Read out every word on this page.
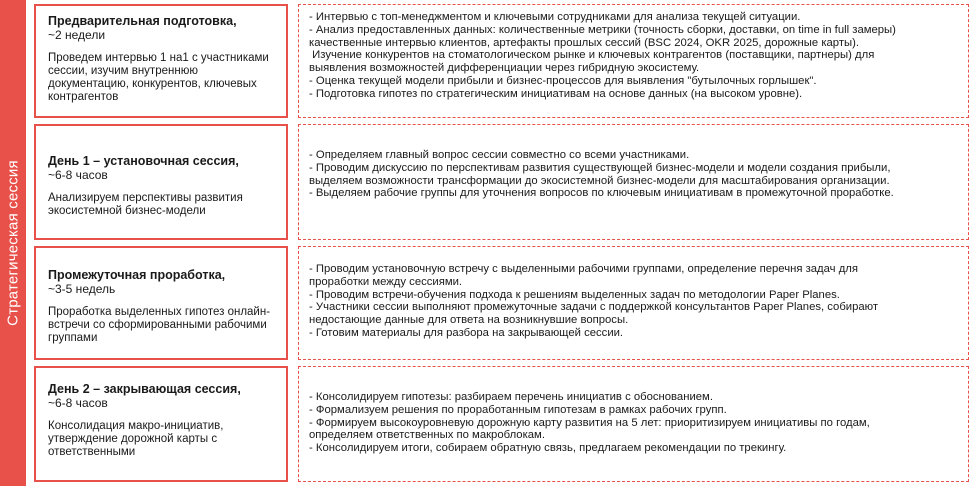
Стратегическая сессия
Предварительная подготовка,
~2 недели
Проведем интервью 1 на1 с участниками сессии, изучим внутреннюю документацию, конкурентов, ключевых контрагентов
- Интервью с топ-менеджментом и ключевыми сотрудниками для анализа текущей ситуации.
- Анализ предоставленных данных: количественные метрики (точность сборки, доставки, on time in full замеры)
качественные интервью клиентов, артефакты прошлых сессий (BSC 2024, OKR 2025, дорожные карты).
Изучение конкурентов на стоматологическом рынке и ключевых контрагентов (поставщики, партнеры) для
выявления возможностей дифференциации через гибридную экосистему.
- Оценка текущей модели прибыли и бизнес-процессов для выявления "бутылочных горлышек".
- Подготовка гипотез по стратегическим инициативам на основе данных (на высоком уровне).
День 1 – установочная сессия,
~6-8 часов
Анализируем перспективы развития экосистемной бизнес-модели
- Определяем главный вопрос сессии совместно со всеми участниками.
- Проводим дискуссию по перспективам развития существующей бизнес-модели и модели создания прибыли,
выделяем возможности трансформации до экосистемной бизнес-модели для масштабирования организации.
- Выделяем рабочие группы для уточнения вопросов по ключевым инициативам в промежуточной проработке.
Промежуточная проработка,
~3-5 недель
Проработка выделенных гипотез онлайн-встречи со сформированными рабочими группами
- Проводим установочную встречу с выделенными рабочими группами, определение перечня задач для
проработки между сессиями.
- Проводим встречи-обучения подхода к решениям выделенных задач по методологии Paper Planes.
- Участники сессии выполняют промежуточные задачи с поддержкой консультантов Paper Planes, собирают
недостающие данные для ответа на возникнувшие вопросы.
- Готовим материалы для разбора на закрывающей сессии.
День 2 – закрывающая сессия,
~6-8 часов
Консолидация макро-инициатив, утверждение дорожной карты с ответственными
- Консолидируем гипотезы: разбираем перечень инициатив с обоснованием.
- Формализуем решения по проработанным гипотезам в рамках рабочих групп.
- Формируем высокоуровневую дорожную карту развития на 5 лет: приоритизируем инициативы по годам,
определяем ответственных по макроблокам.
- Консолидируем итоги, собираем обратную связь, предлагаем рекомендации по трекингу.
